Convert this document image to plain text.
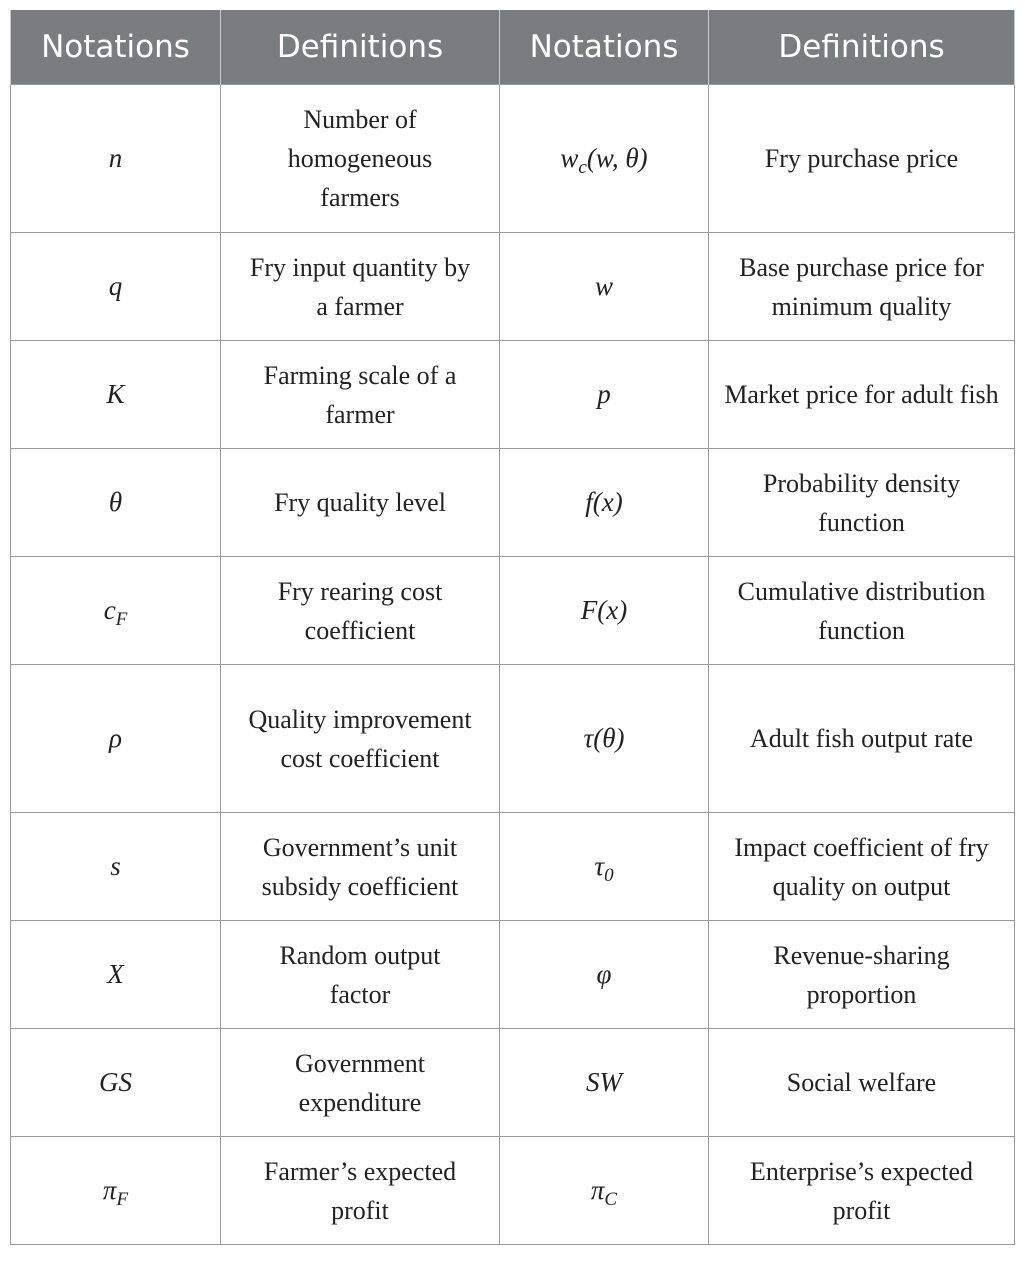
Notations	Definitions	Notations	Definitions
n	Number of homogeneous farmers	$w_c(w$, θ)	Fry purchase price
q	Fry input quantity by a farmer	w	Base purchase price for minimum quality
K	Farming scale of a farmer	p	Market price for adult fish
θ	Fry quality level	f(x)	Probability density function
$c_F$	Fry rearing cost coefficient	F(x)	Cumulative distribution function
ρ	Quality improvement cost coefficient	τ(θ)	Adult fish output rate
s	Government’s unit subsidy coefficient	$\tau_0$	Impact coefficient of fry quality on output
X	Random output factor	φ	Revenue-sharing proportion
GS	Government expenditure	SW	Social welfare
$\pi_F$	Farmer’s expected profit	$\pi_C$	Enterprise’s expected profit
